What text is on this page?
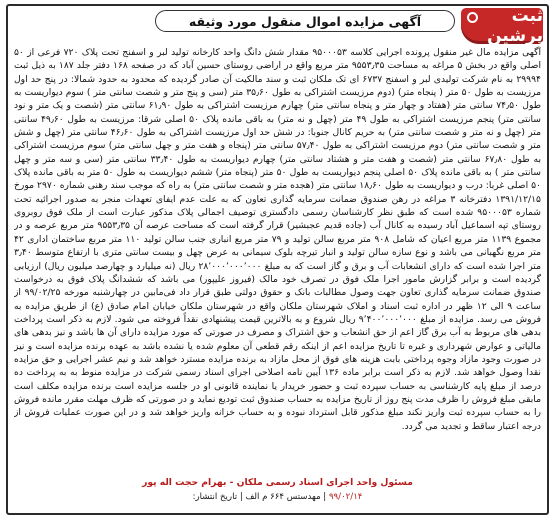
ثبت پرشین
آگهی مزایده اموال منقول مورد وثیقه
آگهی مزایده مال غیر منقول پرونده اجرایی کلاسه ۹۵۰۰۰۵۳ مقدار شش دانگ واحد کارخانه تولید لبر و اسفنج تحت پلاک ۷۲۰ فرعی از ۵۰ اصلی واقع در بخش ۵ مراغه به مساحت ۹۵۵۳٫۳۵ متر مربع واقع در اراضی روستای حسین آباد که در صفحه ۱۶۸ دفتر جلد ۱۸۷ به ذیل ثبت ۲۹۹۹۴ به نام شرکت تولیدی لبر و اسفنج ۶۷۳۷ ای تک ملکان ثبت و سند مالکیت آن صادر گردیده که محدود به حدود شمالا: در پنج حد اول مرزیست به طول ۵۰ متر ( پنجاه متر) (دوم مرزیست اشتراکی به طول ۳۵٫۶۰ متر (سی و پنج متر و شصت سانتی متر ) سوم دیواریست به طول ۷۴٫۵۰ سانتی متر (هفتاد و چهار متر و پنجاه سانتی متر) چهارم مرزیست اشتراکی به طول ۶۱٫۹۰ سانتی متر (شصت و یک متر و نود سانتی متر) پنجم مرزیست اشتراکی به طول ۴۹ متر (چهل و نه متر) به باقی مانده پلاک ۵۰ اصلی شرقا: مرزیست به طول ۴۹٫۶۰ سانتی متر (چهل و نه متر و شصت سانتی متر) به حریم کانال جنوبا: در شش حد اول مرزیست اشتراکی به طول ۴۶٫۶۰ سانتی متر (چهل و شش متر و شصت سانتی متر) دوم مرزیست اشتراکی به طول ۵۷٫۴۰ سانتی متر (پنجاه و هفت متر و چهل سانتی متر) سوم مرزیست اشتراکی به طول ۶۷٫۸۰ سانتی متر (شصت و هفت متر و هشتاد سانتی متر) چهارم دیواریست به طول ۳۳٫۴۰ سانتی متر (سی و سه متر و چهل سانتی متر ) به باقی مانده پلاک ۵۰ اصلی پنجم دیواریست به طول ۵۰ متر (پنجاه متر) ششم دیواریست به طول ۵۰ متر به باقی مانده پلاک ۵۰ اصلی غربا: درب و دیواریست به طول ۱۸٫۶۰ سانتی متر (هجده متر و شصت سانتی متر) به راه که موجب سند رهنی شماره ۲۹۷۰ مورخ ۱۳۹۱/۱۲/۱۵ دفترخانه ۳ مراغه در رهن صندوق ضمانت سرمایه گذاری تعاون که به علت عدم ایفای تعهدات منجر به صدور اجرائیه تحت شماره ۹۵۰۰۰۵۳ شده است که طبق نظر کارشناسان رسمی دادگستری توصیف اجمالی پلاک مذکور عبارت است از ملک فوق روبروی روستای تپه اسماعیل آباد رسیده به کانال آب (جاده قدیم عجبشیر) قرار گرفته است که مساحت عرصه آن ۹۵۵۳٫۳۵ متر مربع عرصه و در مجموع ۱۱۳۹ متر مربع اعیان که شامل ۹۰۸ متر مربع سالن تولید و ۷۹ متر مربع انباری جنب سالن تولید ۱۱۰ متر مربع ساختمان اداری ۴۲ متر مربع نگهبانی می باشد و نوع سازه سالن تولید و انبار تیرچه بلوک سیمانی به عرض چهل و بیست سانتی متری با ارتفاع متوسط ۳٫۴۰ متر اجرا شده است که دارای انشعابات آب و برق و گاز است که به مبلغ ۲۸٬۰۰۰٬۰۰۰٬۰۰۰ ریال (نه میلیارد و چهارصد میلیون ریال) ارزیابی گردیده است و برابر گزارش مامور اجرا ملک فوق در تصرف خود مالک (فیروز علیپور) می باشد که ششدانگ پلاک فوق به درخواست صندوق ضمانت سرمایه گذاری تعاون جهت وصول مطالبات بانک و حقوق دولتی طبق قرار داد فی‌مابین در چهارشنبه مورخه ۹۹/۰۲/۲۵ از ساعت ۹ الی ۱۲ ظهر در اداره ثبت اسناد و املاک شهرستان ملکان واقع در شهرستان ملکان خیابان امام صادق (ع) از طریق مزایده به فروش می رسد. مزایده از مبلغ ۹٬۴۰۰٬۰۰۰٬۰۰۰ ریال شروع و به بالاترین قیمت پیشنهادی نقداً فروخته می شود. لازم به ذکر است پرداخت بدهی های مربوط به آب برق گاز اعم از حق انشعاب و حق اشتراک و مصرف در صورتی که مورد مزایده دارای آن ها باشد و نیز بدهی های مالیاتی و عوارض شهرداری و غیره تا تاریخ مزایده اعم از اینکه رقم قطعی آن معلوم شده یا نشده باشد به عهده برنده مزایده است و نیز در صورت وجود مازاد وجوه پرداختی بابت هزینه های فوق از محل مازاد به برنده مزایده مسترد خواهد شد و نیم عشر اجرایی و حق مزایده نقدا وصول خواهد شد. لازم به ذکر است برابر ماده ۱۳۶ آیین نامه اصلاحی اجرای اسناد رسمی شرکت در مزایده منوط به به پرداخت ده درصد از مبلغ پایه کارشناسی به حساب سپرده ثبت و حضور خریدار یا نماینده قانونی او در جلسه مزایده است برنده مزایده مکلف است مابقی مبلغ فروش را ظرف مدت پنج روز از تاریخ مزایده به حساب صندوق ثبت تودیع نماید و در صورتی که ظرف مهلت مقرر مانده فروش را به حساب سپرده ثبت واریز نکند مبلغ مذکور قابل استرداد نبوده و به حساب خزانه واریز خواهد شد و در این صورت عملیات فروش از درجه اعتبار ساقط و تجدید می گردد.
مسئول واحد اجرای اسناد رسمی ملکان - بهرام حجت اله پور
۹۹/۰۲/۱۴ | مهدستس ۶۶۴ م الف | تاریخ انتشار:
